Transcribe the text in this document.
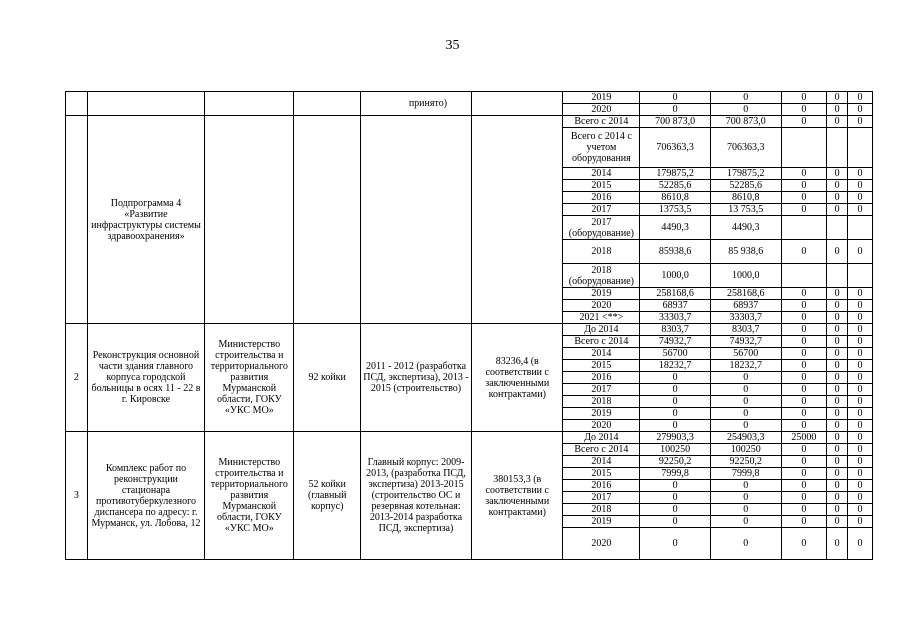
35
				принято)		2019	0	0	0	0	0
						2020	0	0	0	0	0
	Подпрограмма 4 «Развитие инфраструктуры системы здравоохранения»					Всего с 2014	700 873,0	700 873,0	0	0	0
						Всего с 2014 с учетом оборудования	706363,3	706363,3			
						2014	179875,2	179875,2	0	0	0
						2015	52285,6	52285,6	0	0	0
						2016	8610,8	8610,8	0	0	0
						2017	13753,5	13 753,5	0	0	0
						2017 (оборудование)	4490,3	4490,3			
						2018	85938,6	85 938,6	0	0	0
						2018 (оборудование)	1000,0	1000,0			
						2019	258168,6	258168,6	0	0	0
						2020	68937	68937	0	0	0
						2021 <**>	33303,7	33303,7	0	0	0
2	Реконструкция основной части здания главного корпуса городской больницы в осях 11 - 22 в г. Кировске	Министерство строительства и территориального развития Мурманской области, ГОКУ «УКС МО»	92 койки	2011 - 2012 (разработка ПСД, экспертиза), 2013 - 2015 (строительство)	83236,4 (в соответствии с заключенными контрактами)	До 2014	8303,7	8303,7	0	0	0
						Всего с 2014	74932,7	74932,7	0	0	0
						2014	56700	56700	0	0	0
						2015	18232,7	18232,7	0	0	0
						2016	0	0	0	0	0
						2017	0	0	0	0	0
						2018	0	0	0	0	0
						2019	0	0	0	0	0
						2020	0	0	0	0	0
3	Комплекс работ по реконструкции стационара противотуберкулезного диспансера по адресу: г. Мурманск, ул. Лобова, 12	Министерство строительства и территориального развития Мурманской области, ГОКУ «УКС МО»	52 койки (главный корпус)	Главный корпус: 2009-2013, (разработка ПСД, экспертиза) 2013-2015 (строительство ОС и резервная котельная: 2013-2014 разработка ПСД, экспертиза)	380153,3 (в соответствии с заключенными контрактами)	До 2014	279903,3	254903,3	25000	0	0
						Всего с 2014	100250	100250	0	0	0
						2014	92250,2	92250,2	0	0	0
						2015	7999,8	7999,8	0	0	0
						2016	0	0	0	0	0
						2017	0	0	0	0	0
						2018	0	0	0	0	0
						2019	0	0	0	0	0
						2020	0	0	0	0	0
